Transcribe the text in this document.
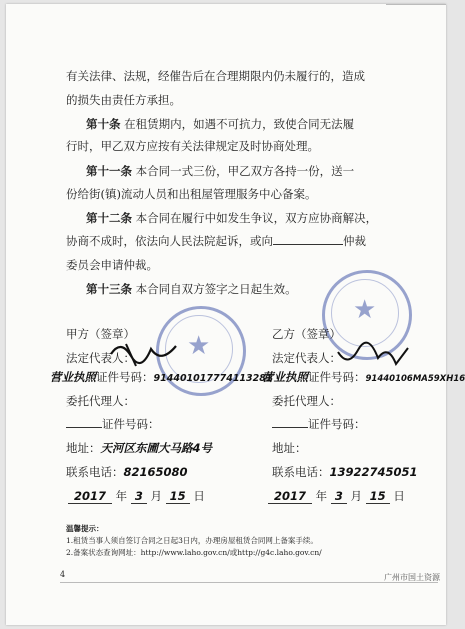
有关法律、法规，经催告后在合理期限内仍未履行的，造成
的损失由责任方承担。
第十条 在租赁期内，如遇不可抗力，致使合同无法履
行时，甲乙双方应按有关法律规定及时协商处理。
第十一条 本合同一式三份，甲乙双方各持一份，送一
份给街(镇)流动人员和出租屋管理服务中心备案。
第十二条 本合同在履行中如发生争议，双方应协商解决，
协商不成时，依法向人民法院起诉，或向	仲裁
委员会申请仲裁。
第十三条 本合同自双方签字之日起生效。
★
★
甲方（签章）
法定代表人：
营业执照证件号码：914401017774113281
委托代理人：
证件号码：
地址：天河区东圃大马路4号
联系电话：82165080
2017 年 3 月 15 日
乙方（签章）
法定代表人：
营业执照证件号码：91440106MA59XH16
委托代理人：
证件号码：
地址：
联系电话：13922745051
2017 年 3 月 15 日
温馨提示：
1.租赁当事人须自签订合同之日起3日内，办理房屋租赁合同网上备案手续。
2.备案状态查询网址：http://www.laho.gov.cn/或http://g4c.laho.gov.cn/
4	广州市国土资源
